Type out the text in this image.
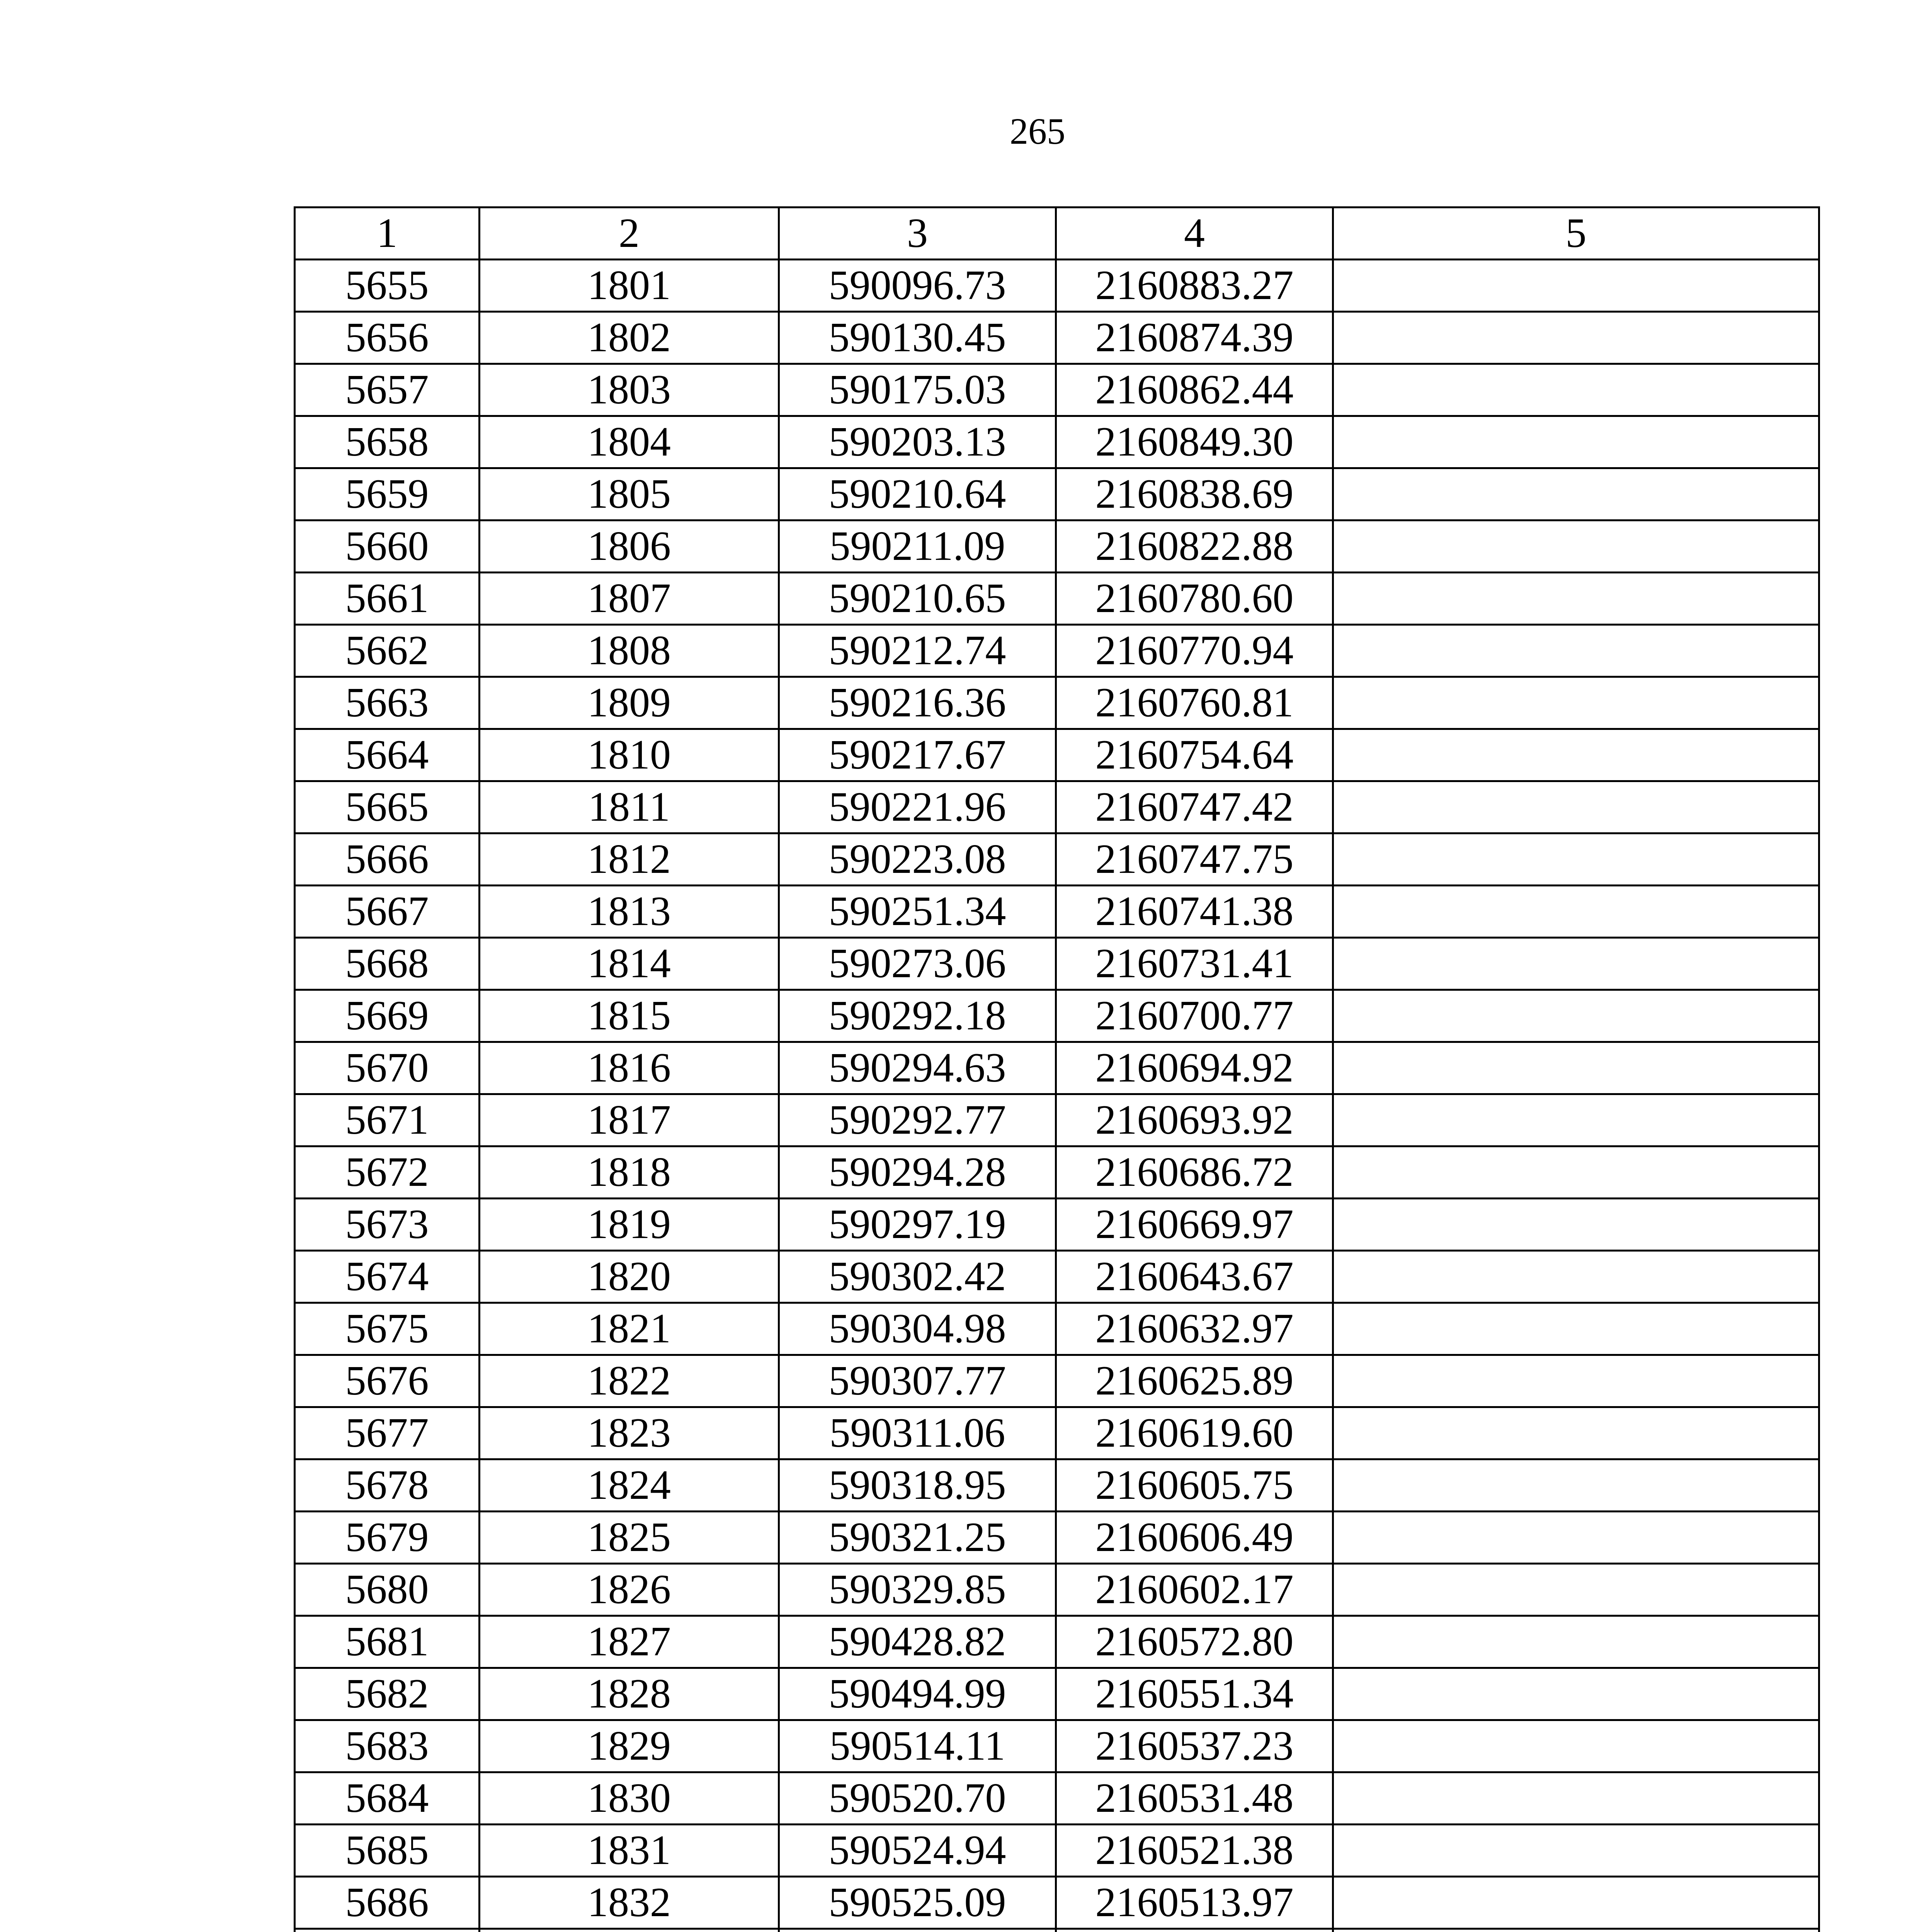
265
1	2	3	4	5
5655	1801	590096.73	2160883.27	
5656	1802	590130.45	2160874.39	
5657	1803	590175.03	2160862.44	
5658	1804	590203.13	2160849.30	
5659	1805	590210.64	2160838.69	
5660	1806	590211.09	2160822.88	
5661	1807	590210.65	2160780.60	
5662	1808	590212.74	2160770.94	
5663	1809	590216.36	2160760.81	
5664	1810	590217.67	2160754.64	
5665	1811	590221.96	2160747.42	
5666	1812	590223.08	2160747.75	
5667	1813	590251.34	2160741.38	
5668	1814	590273.06	2160731.41	
5669	1815	590292.18	2160700.77	
5670	1816	590294.63	2160694.92	
5671	1817	590292.77	2160693.92	
5672	1818	590294.28	2160686.72	
5673	1819	590297.19	2160669.97	
5674	1820	590302.42	2160643.67	
5675	1821	590304.98	2160632.97	
5676	1822	590307.77	2160625.89	
5677	1823	590311.06	2160619.60	
5678	1824	590318.95	2160605.75	
5679	1825	590321.25	2160606.49	
5680	1826	590329.85	2160602.17	
5681	1827	590428.82	2160572.80	
5682	1828	590494.99	2160551.34	
5683	1829	590514.11	2160537.23	
5684	1830	590520.70	2160531.48	
5685	1831	590524.94	2160521.38	
5686	1832	590525.09	2160513.97	
